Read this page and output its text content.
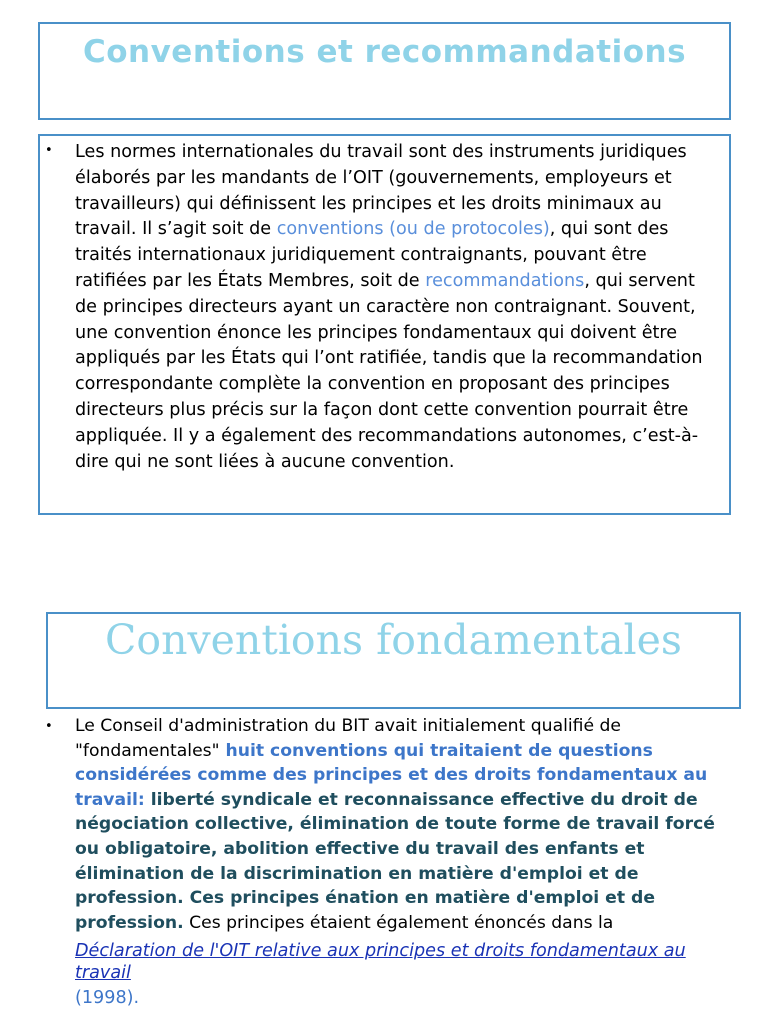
Conventions et recommandations
• Les normes internationales du travail sont des instruments juridiques élaborés par les mandants de l’OIT (gouvernements, employeurs et travailleurs) qui définissent les principes et les droits minimaux au travail. Il s’agit soit de conventions (ou de protocoles), qui sont des traités internationaux juridiquement contraignants, pouvant être ratifiées par les États Membres, soit de recommandations, qui servent de principes directeurs ayant un caractère non contraignant. Souvent, une convention énonce les principes fondamentaux qui doivent être appliqués par les États qui l’ont ratifiée, tandis que la recommandation correspondante complète la convention en proposant des principes directeurs plus précis sur la façon dont cette convention pourrait être appliquée. Il y a également des recommandations autonomes, c’est-à-dire qui ne sont liées à aucune convention.

Conventions fondamentales
• Le Conseil d'administration du BIT avait initialement qualifié de "fondamentales" huit conventions qui traitaient de questions considérées comme des principes et des droits fondamentaux au travail: liberté syndicale et reconnaissance effective du droit de négociation collective, élimination de toute forme de travail forcé ou obligatoire, abolition effective du travail des enfants et élimination de la discrimination en matière d'emploi et de profession. Ces principes énation en matière d'emploi et de profession. Ces principes étaient également énoncés dans la

Déclaration de l'OIT relative aux principes et droits fondamentaux au travail

(1998).
